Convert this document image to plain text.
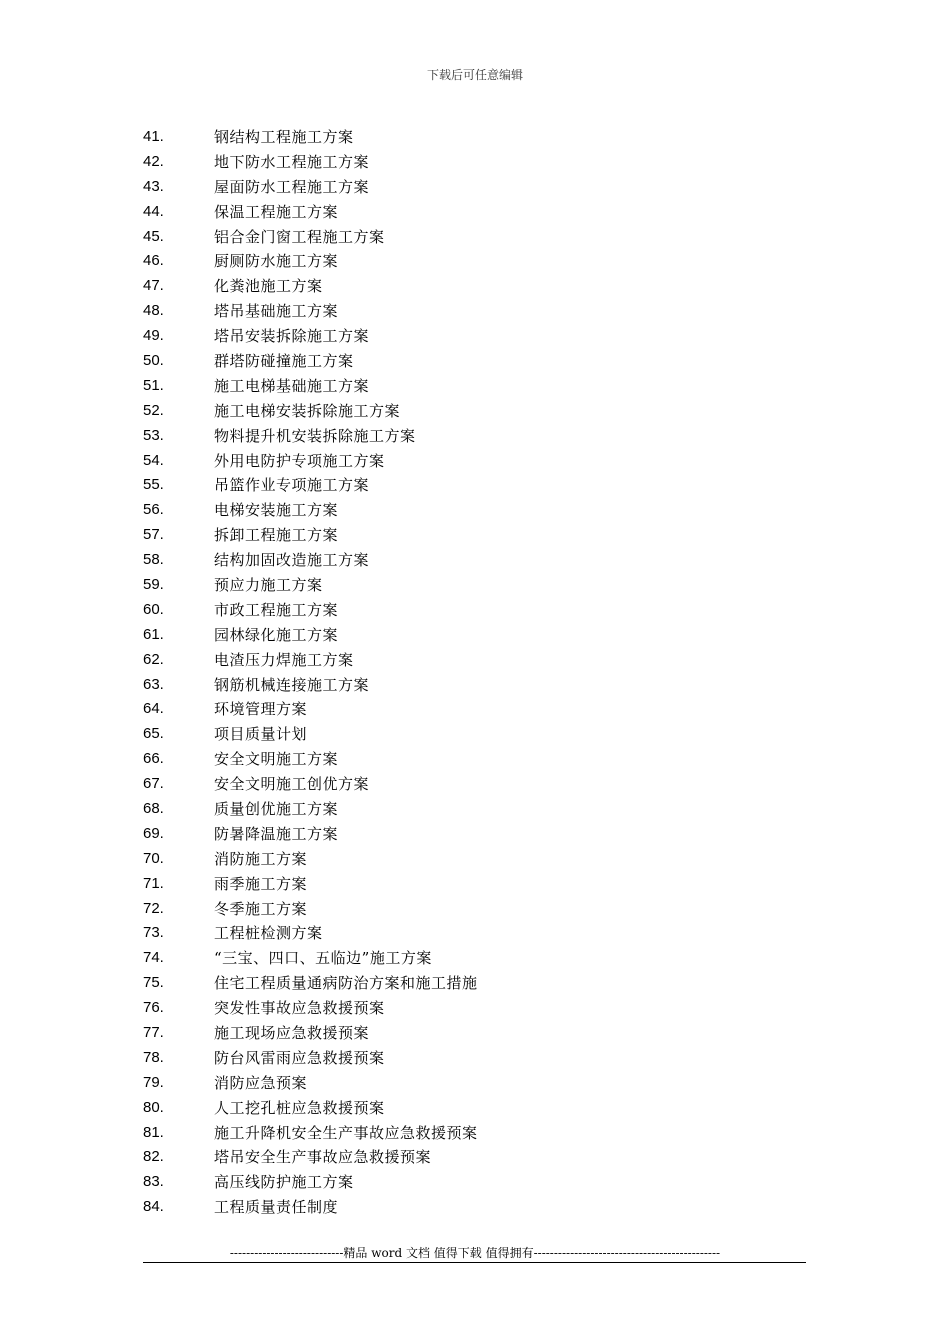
下载后可任意编辑
41.	钢结构工程施工方案
42.	地下防水工程施工方案
43.	屋面防水工程施工方案
44.	保温工程施工方案
45.	铝合金门窗工程施工方案
46.	厨厕防水施工方案
47.	化粪池施工方案
48.	塔吊基础施工方案
49.	塔吊安装拆除施工方案
50.	群塔防碰撞施工方案
51.	施工电梯基础施工方案
52.	施工电梯安装拆除施工方案
53.	物料提升机安装拆除施工方案
54.	外用电防护专项施工方案
55.	吊篮作业专项施工方案
56.	电梯安装施工方案
57.	拆卸工程施工方案
58.	结构加固改造施工方案
59.	预应力施工方案
60.	市政工程施工方案
61.	园林绿化施工方案
62.	电渣压力焊施工方案
63.	钢筋机械连接施工方案
64.	环境管理方案
65.	项目质量计划
66.	安全文明施工方案
67.	安全文明施工创优方案
68.	质量创优施工方案
69.	防暑降温施工方案
70.	消防施工方案
71.	雨季施工方案
72.	冬季施工方案
73.	工程桩检测方案
74.	“三宝、四口、五临边”施工方案
75.	住宅工程质量通病防治方案和施工措施
76.	突发性事故应急救援预案
77.	施工现场应急救援预案
78.	防台风雷雨应急救援预案
79.	消防应急预案
80.	人工挖孔桩应急救援预案
81.	施工升降机安全生产事故应急救援预案
82.	塔吊安全生产事故应急救援预案
83.	高压线防护施工方案
84.	工程质量责任制度
----------------------------精品 word 文档 值得下载 值得拥有----------------------------------------------
